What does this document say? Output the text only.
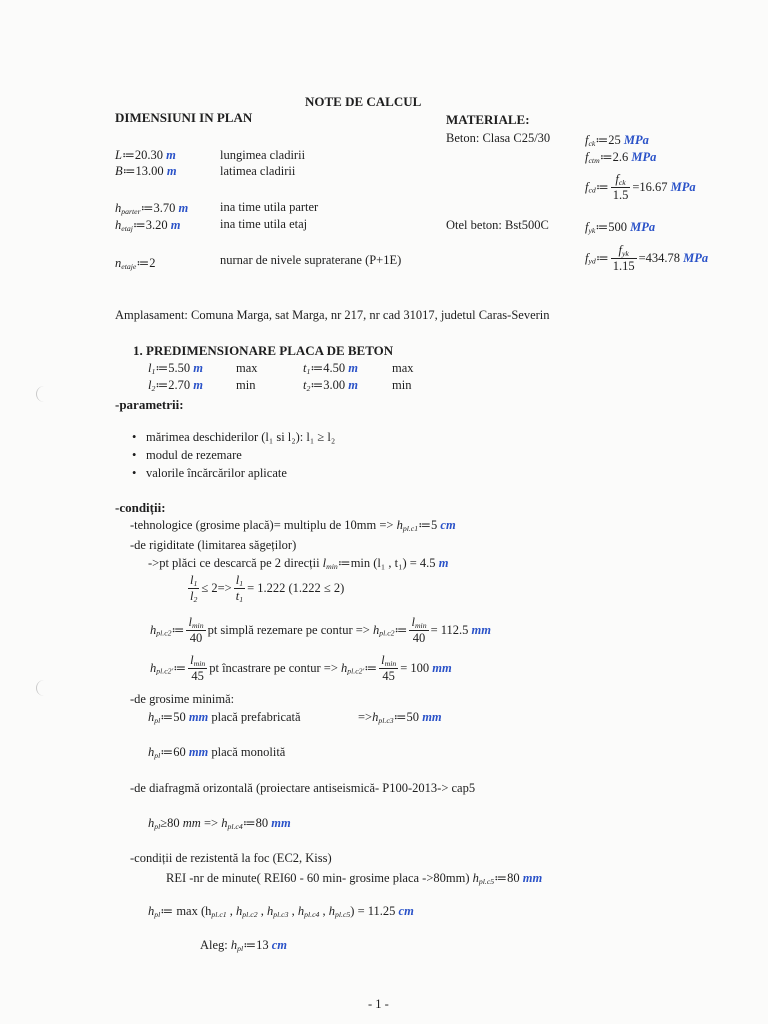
NOTE DE CALCUL
DIMENSIUNI IN PLAN
L≔20.30 m	lungimea cladirii
B≔13.00 m	latimea cladirii
$h_{parter}≔3.70$ m	ina time utila parter
$h_{etaj}≔3.20$ m	ina time utila etaj
$n_{etaje}≔2$	nurnar de nivele supraterane (P+1E)
MATERIALE:
Beton: Clasa C25/30	$f_{ck}≔25$ MPa
$f_{ctm}≔2.6$ MPa
$f_{cd}≔$
$f_{ck}$
1.5
=16.67 MPa
Otel beton: Bst500C	$f_{yk}≔500$ MPa
$f_{yd}≔$
$f_{yk}$
1.15
=434.78 MPa
Amplasament: Comuna Marga, sat Marga, nr 217, nr cad 31017, judetul Caras-Severin
1. PREDIMENSIONARE PLACA DE BETON
$l_1≔5.50$ m	max	$t_1≔4.50$ m	max
$l_2≔2.70$ m	min	$t_2≔3.00$ m	min
-parametrii:
• mărimea deschiderilor (l₁ si l₂): l₁ ≥ l₂
• modul de rezemare
• valorile încărcărilor aplicate
-condiții:
-tehnologice (grosime placă)= multiplu de $10mm => h_{pl.c1}≔5$ cm
-de rigiditate (limitarea săgeților)
->pt plăci ce descarcă pe 2 direcții $l_{min}≔\min$ (l₁ , t₁) = 4.5 m
$\frac{l_1}{l_2} \le 2=> \frac{l_1}{t_1} = 1.222$ (1.222 ≤ 2)
$h_{pl.c2}≔$
$l_{min}$
40
pt simplă rezemare pe contur => $h_{pl.c2}≔$
$l_{min}$
40
= 112.5 mm
$h_{pl.c2'}≔$
$l_{min}$
45
pt încastrare pe contur => $h_{pl.c2'}≔$
$l_{min}$
45
= 100 mm
-de grosime minimă:
$h_{pl}≔50$ mm placă prefabricată	$=>h_{pl.c3}≔50$ mm
$h_{pl}≔60$ mm placă monolită
-de diafragmă orizontală (proiectare antiseismică- P100-2013-> cap5
$h_{pl}\ge 80$ mm => $h_{pl.c4}≔80$ mm
-condiții de rezistentă la foc (EC2, Kiss)
REI -nr de minute( REI60 - 60 min- grosime placa ->80mm) $h_{pl.c5}≔80$ mm
$h_{pl}≔$ $\max (h_{pl.c1}$ , $h_{pl.c2}$ , $h_{pl.c3}$ , $h_{pl.c4}$ , $h_{pl.c5}) = 11.25$ cm
Aleg: $h_{pl}≔13$ cm
- 1 -
